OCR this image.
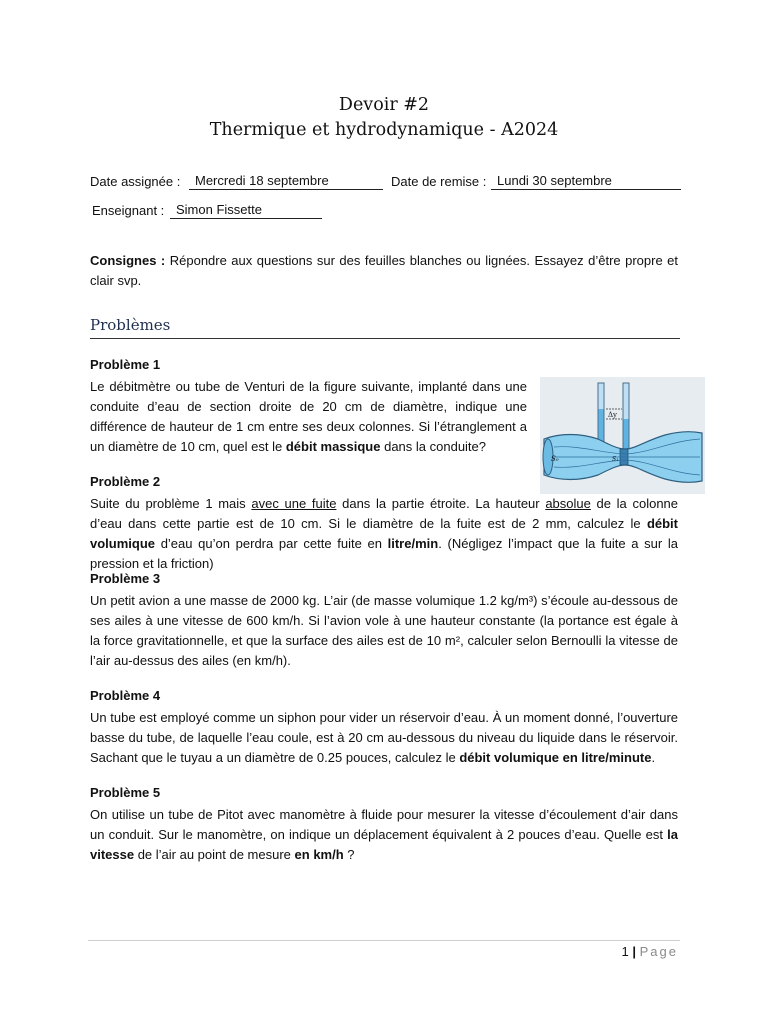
Devoir #2
Thermique et hydrodynamique - A2024
Date assignée :	Mercredi 18 septembre	Date de remise : Lundi 30 septembre
Enseignant : Simon Fissette
Consignes : Répondre aux questions sur des feuilles blanches ou lignées. Essayez d’être propre et clair svp.
Problèmes
Problème 1
Le débitmètre ou tube de Venturi de la figure suivante, implanté dans une conduite d’eau de section droite de 20 cm de diamètre, indique une différence de hauteur de 1 cm entre ses deux colonnes. Si l’étranglement a un diamètre de 10 cm, quel est le débit massique dans la conduite?
Δy
S₀	S₁
Problème 2
Suite du problème 1 mais avec une fuite dans la partie étroite. La hauteur absolue de la colonne d’eau dans cette partie est de 10 cm. Si le diamètre de la fuite est de 2 mm, calculez le débit volumique d’eau qu’on perdra par cette fuite en litre/min. (Négligez l’impact que la fuite a sur la pression et la friction)
Problème 3
Un petit avion a une masse de 2000 kg. L’air (de masse volumique 1.2 kg/m³) s’écoule au-dessous de ses ailes à une vitesse de 600 km/h. Si l’avion vole à une hauteur constante (la portance est égale à la force gravitationnelle, et que la surface des ailes est de 10 m², calculer selon Bernoulli la vitesse de l’air au-dessus des ailes (en km/h).
Problème 4
Un tube est employé comme un siphon pour vider un réservoir d’eau. À un moment donné, l’ouverture basse du tube, de laquelle l’eau coule, est à 20 cm au-dessous du niveau du liquide dans le réservoir. Sachant que le tuyau a un diamètre de 0.25 pouces, calculez le débit volumique en litre/minute.
Problème 5
On utilise un tube de Pitot avec manomètre à fluide pour mesurer la vitesse d’écoulement d’air dans un conduit. Sur le manomètre, on indique un déplacement équivalent à 2 pouces d’eau. Quelle est la vitesse de l’air au point de mesure en km/h ?
1 | Page
